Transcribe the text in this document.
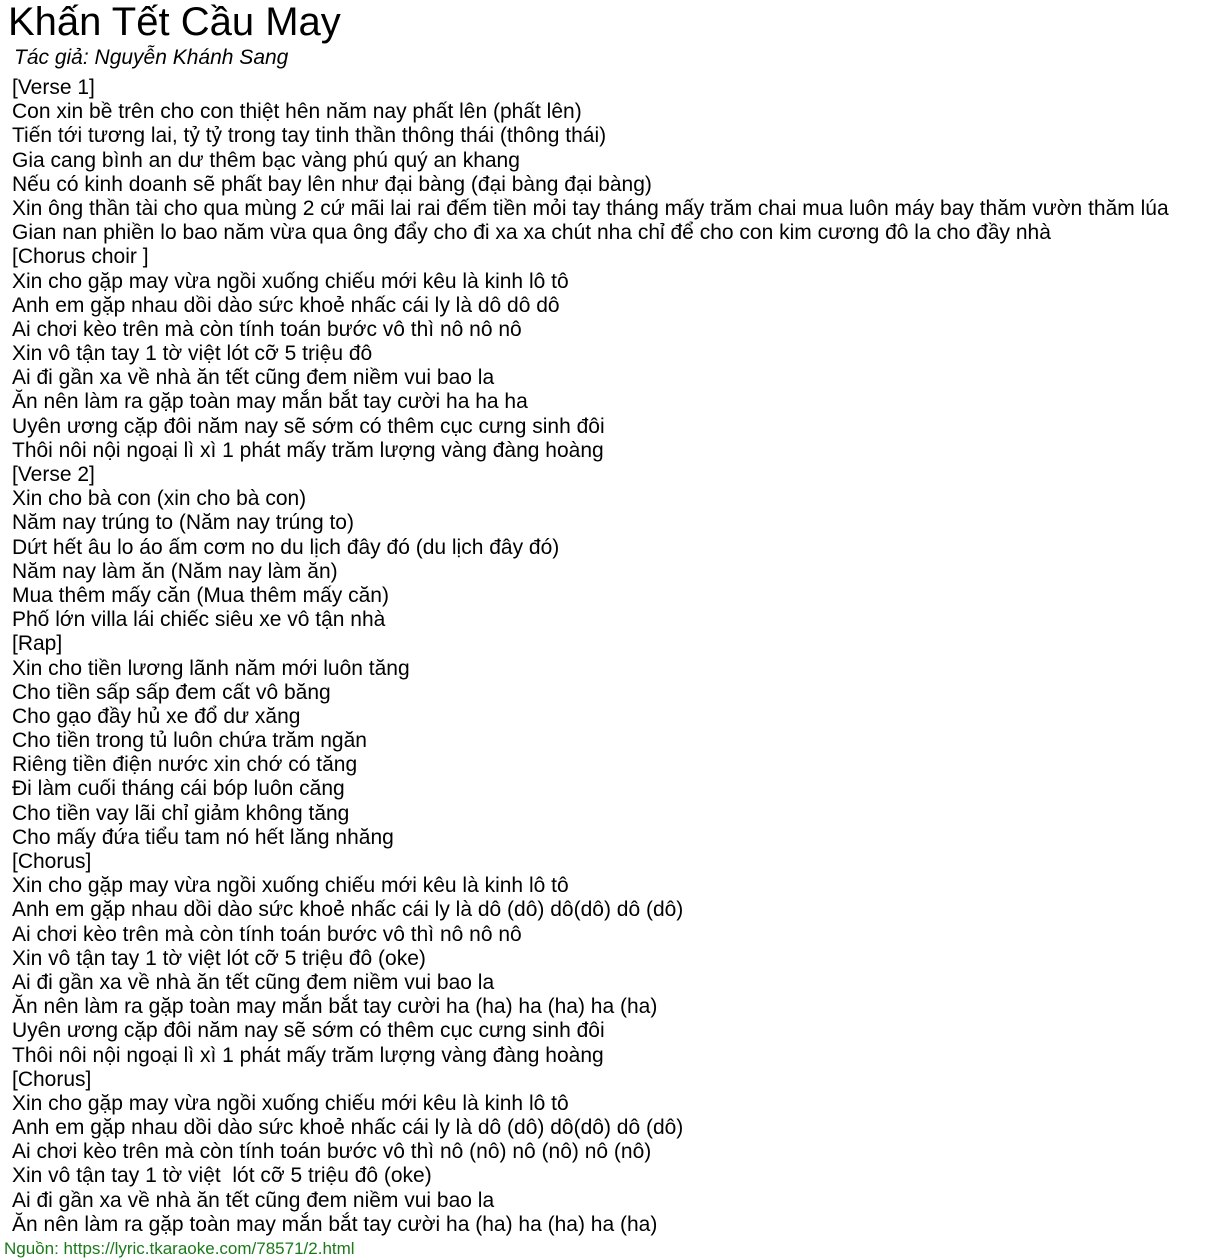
Khấn Tết Cầu May
Tác giả: Nguyễn Khánh Sang
[Verse 1]
Con xin bề trên cho con thiệt hên năm nay phất lên (phất lên)
Tiến tới tương lai, tỷ tỷ trong tay tinh thần thông thái (thông thái)
Gia cang bình an dư thêm bạc vàng phú quý an khang
Nếu có kinh doanh sẽ phất bay lên như đại bàng (đại bàng đại bàng)
Xin ông thần tài cho qua mùng 2 cứ mãi lai rai đếm tiền mỏi tay tháng mấy trăm chai mua luôn máy bay thăm vườn thăm lúa
Gian nan phiền lo bao năm vừa qua ông đẩy cho đi xa xa chút nha chỉ để cho con kim cương đô la cho đầy nhà
[Chorus choir ]
Xin cho gặp may vừa ngồi xuống chiếu mới kêu là kinh lô tô
Anh em gặp nhau dồi dào sức khoẻ nhấc cái ly là dô dô dô
Ai chơi kèo trên mà còn tính toán bước vô thì nô nô nô
Xin vô tận tay 1 tờ việt lót cỡ 5 triệu đô
Ai đi gần xa về nhà ăn tết cũng đem niềm vui bao la
Ăn nên làm ra gặp toàn may mắn bắt tay cười ha ha ha
Uyên ương cặp đôi năm nay sẽ sớm có thêm cục cưng sinh đôi
Thôi nôi nội ngoại lì xì 1 phát mấy trăm lượng vàng đàng hoàng
[Verse 2]
Xin cho bà con (xin cho bà con)
Năm nay trúng to (Năm nay trúng to)
Dứt hết âu lo áo ấm cơm no du lịch đây đó (du lịch đây đó)
Năm nay làm ăn (Năm nay làm ăn)
Mua thêm mấy căn (Mua thêm mấy căn)
Phố lớn villa lái chiếc siêu xe vô tận nhà
[Rap]
Xin cho tiền lương lãnh năm mới luôn tăng
Cho tiền sấp sấp đem cất vô băng
Cho gạo đầy hủ xe đổ dư xăng
Cho tiền trong tủ luôn chứa trăm ngăn
Riêng tiền điện nước xin chớ có tăng
Đi làm cuối tháng cái bóp luôn căng
Cho tiền vay lãi chỉ giảm không tăng
Cho mấy đứa tiểu tam nó hết lăng nhăng
[Chorus]
Xin cho gặp may vừa ngồi xuống chiếu mới kêu là kinh lô tô
Anh em gặp nhau dồi dào sức khoẻ nhấc cái ly là dô (dô) dô(dô) dô (dô)
Ai chơi kèo trên mà còn tính toán bước vô thì nô nô nô
Xin vô tận tay 1 tờ việt lót cỡ 5 triệu đô (oke)
Ai đi gần xa về nhà ăn tết cũng đem niềm vui bao la
Ăn nên làm ra gặp toàn may mắn bắt tay cười ha (ha) ha (ha) ha (ha)
Uyên ương cặp đôi năm nay sẽ sớm có thêm cục cưng sinh đôi
Thôi nôi nội ngoại lì xì 1 phát mấy trăm lượng vàng đàng hoàng
[Chorus]
Xin cho gặp may vừa ngồi xuống chiếu mới kêu là kinh lô tô
Anh em gặp nhau dồi dào sức khoẻ nhấc cái ly là dô (dô) dô(dô) dô (dô)
Ai chơi kèo trên mà còn tính toán bước vô thì nô (nô) nô (nô) nô (nô)
Xin vô tận tay 1 tờ việt  lót cỡ 5 triệu đô (oke)
Ai đi gần xa về nhà ăn tết cũng đem niềm vui bao la
Ăn nên làm ra gặp toàn may mắn bắt tay cười ha (ha) ha (ha) ha (ha)
Nguồn: https://lyric.tkaraoke.com/78571/2.html
